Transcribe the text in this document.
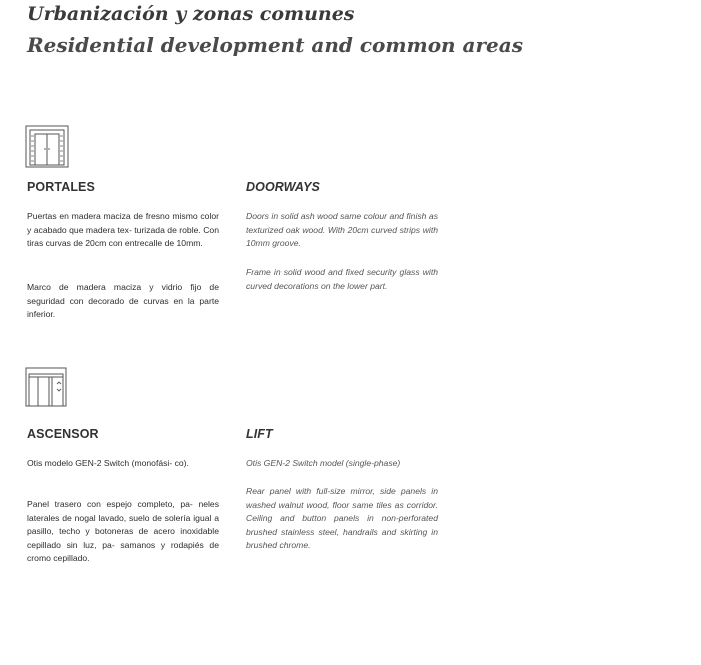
Urbanización y zonas comunes
Residential development and common areas
PORTALES	DOORWAYS

Puertas en madera maciza de fresno mismo color y acabado que madera tex- turizada de roble. Con tiras curvas de 20cm con entrecalle de 10mm.

Marco de madera maciza y vidrio fijo de seguridad con decorado de curvas en la parte inferior.

Doors in solid ash wood same colour and finish as texturized oak wood. With 20cm curved strips with 10mm groove.

Frame in solid wood and fixed security glass with curved decorations on the lower part.

ASCENSOR	LIFT

Otis modelo GEN-2 Switch (monofási- co).

Panel trasero con espejo completo, pa- neles laterales de nogal lavado, suelo de solería igual a pasillo, techo y botoneras de acero inoxidable cepillado sin luz, pa- samanos y rodapiés de cromo cepillado.

Otis GEN-2 Switch model (single-phase)

Rear panel with full-size mirror, side panels in washed walnut wood, floor same tiles as corridor. Ceiling and button panels in non-perforated brushed stainless steel, handrails and skirting in brushed chrome.
